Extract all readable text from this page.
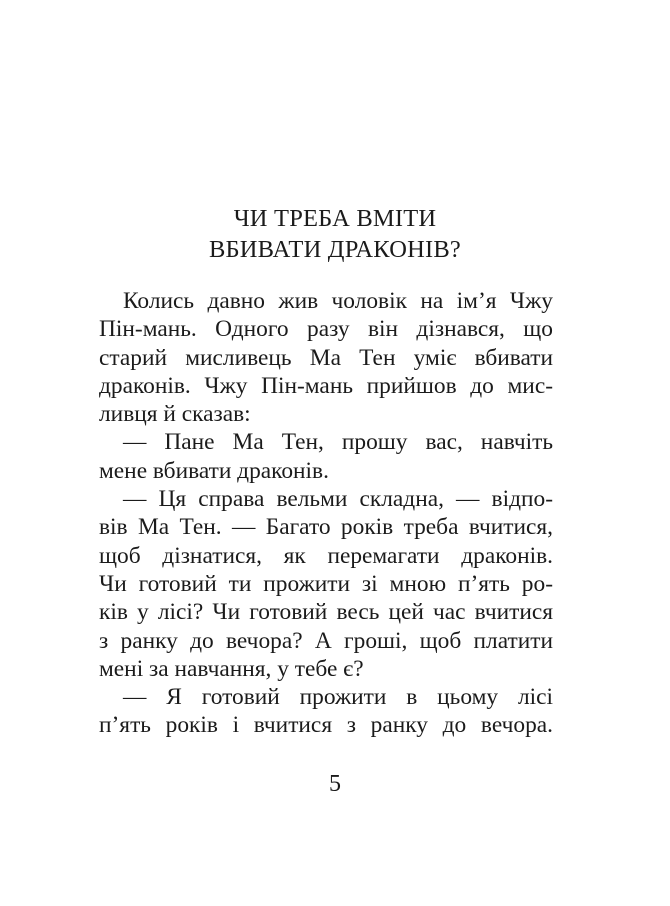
ЧИ ТРЕБА ВМІТИ
ВБИВАТИ ДРАКОНІВ?
Колись давно жив чоловік на ім’я Чжу
Пін-мань. Одного разу він дізнався, що
старий мисливець Ма Тен уміє вбивати
драконів. Чжу Пін-мань прийшов до мис-
ливця й сказав:
— Пане Ма Тен, прошу вас, навчіть
мене вбивати драконів.
— Ця справа вельми складна, — відпо-
вів Ма Тен. — Багато років треба вчитися,
щоб дізнатися, як перемагати драконів.
Чи готовий ти прожити зі мною п’ять ро-
ків у лісі? Чи готовий весь цей час вчитися
з ранку до вечора? А гроші, щоб платити
мені за навчання, у тебе є?
— Я готовий прожити в цьому лісі
п’ять років і вчитися з ранку до вечора.
5
